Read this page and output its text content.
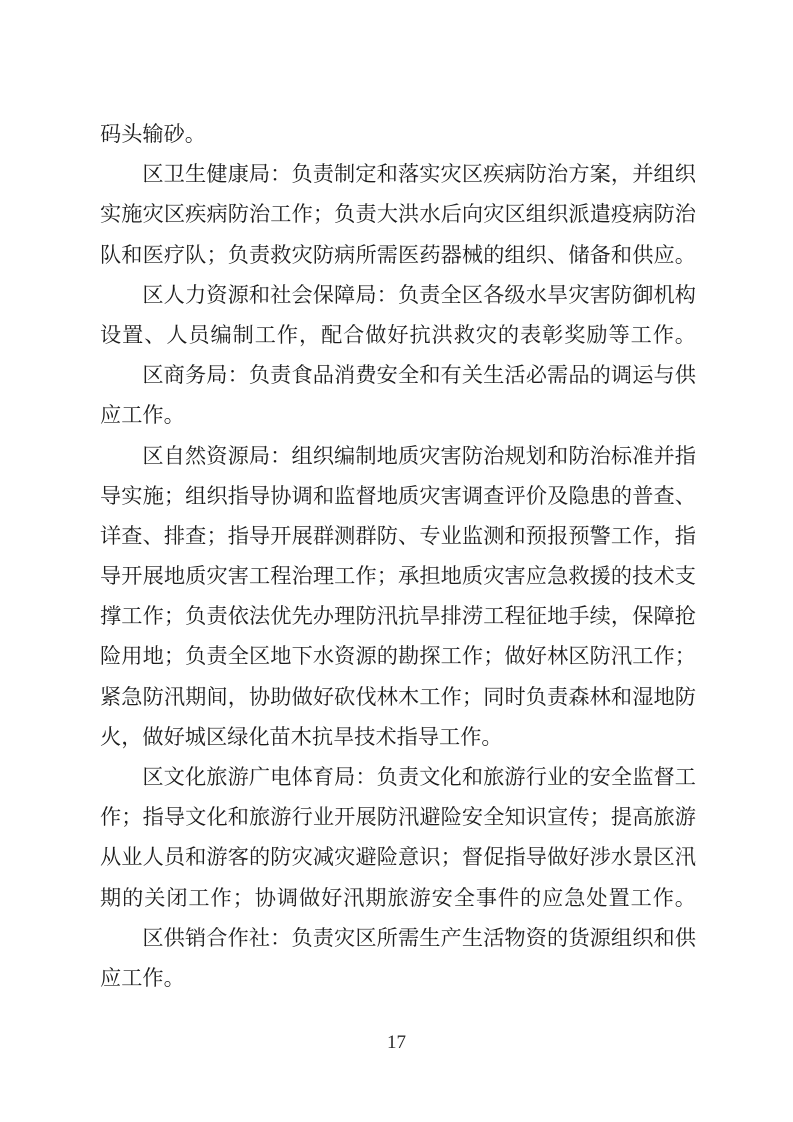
码头输砂。
区卫生健康局：负责制定和落实灾区疾病防治方案，并组织
实施灾区疾病防治工作；负责大洪水后向灾区组织派遣疫病防治
队和医疗队；负责救灾防病所需医药器械的组织、储备和供应。
区人力资源和社会保障局：负责全区各级水旱灾害防御机构
设置、人员编制工作，配合做好抗洪救灾的表彰奖励等工作。
区商务局：负责食品消费安全和有关生活必需品的调运与供
应工作。
区自然资源局：组织编制地质灾害防治规划和防治标准并指
导实施；组织指导协调和监督地质灾害调查评价及隐患的普查、
详查、排查；指导开展群测群防、专业监测和预报预警工作，指
导开展地质灾害工程治理工作；承担地质灾害应急救援的技术支
撑工作；负责依法优先办理防汛抗旱排涝工程征地手续，保障抢
险用地；负责全区地下水资源的勘探工作；做好林区防汛工作；
紧急防汛期间，协助做好砍伐林木工作；同时负责森林和湿地防
火，做好城区绿化苗木抗旱技术指导工作。
区文化旅游广电体育局：负责文化和旅游行业的安全监督工
作；指导文化和旅游行业开展防汛避险安全知识宣传；提高旅游
从业人员和游客的防灾减灾避险意识；督促指导做好涉水景区汛
期的关闭工作；协调做好汛期旅游安全事件的应急处置工作。
区供销合作社：负责灾区所需生产生活物资的货源组织和供
应工作。
17
